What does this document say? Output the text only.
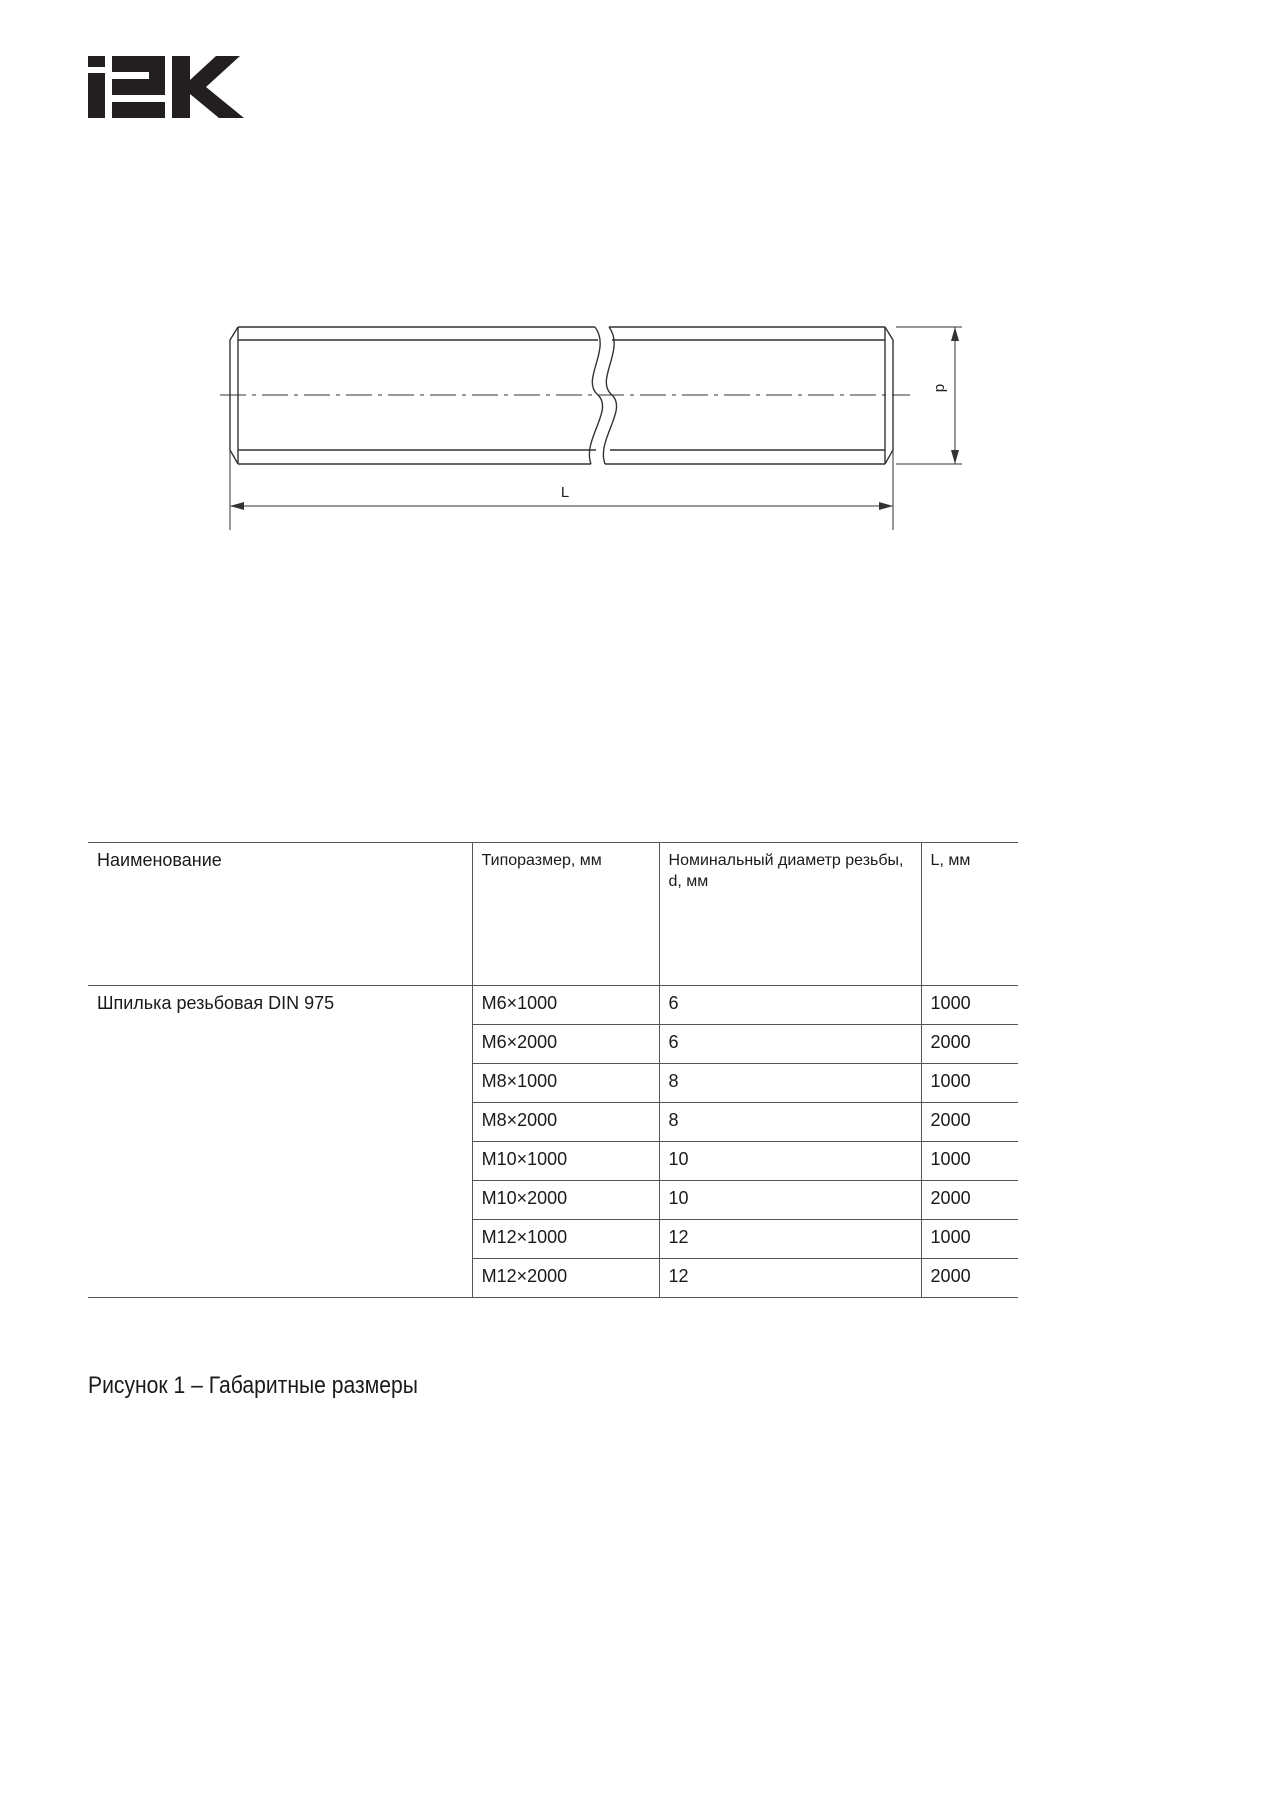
d
L
Наименование	Типоразмер, мм	Номинальный диаметр резьбы, d, мм	L, мм
Шпилька резьбовая DIN 975	M6×1000	6	1000
	M6×2000	6	2000
	M8×1000	8	1000
	M8×2000	8	2000
	M10×1000	10	1000
	M10×2000	10	2000
	M12×1000	12	1000
	M12×2000	12	2000
Рисунок 1 – Габаритные размеры
